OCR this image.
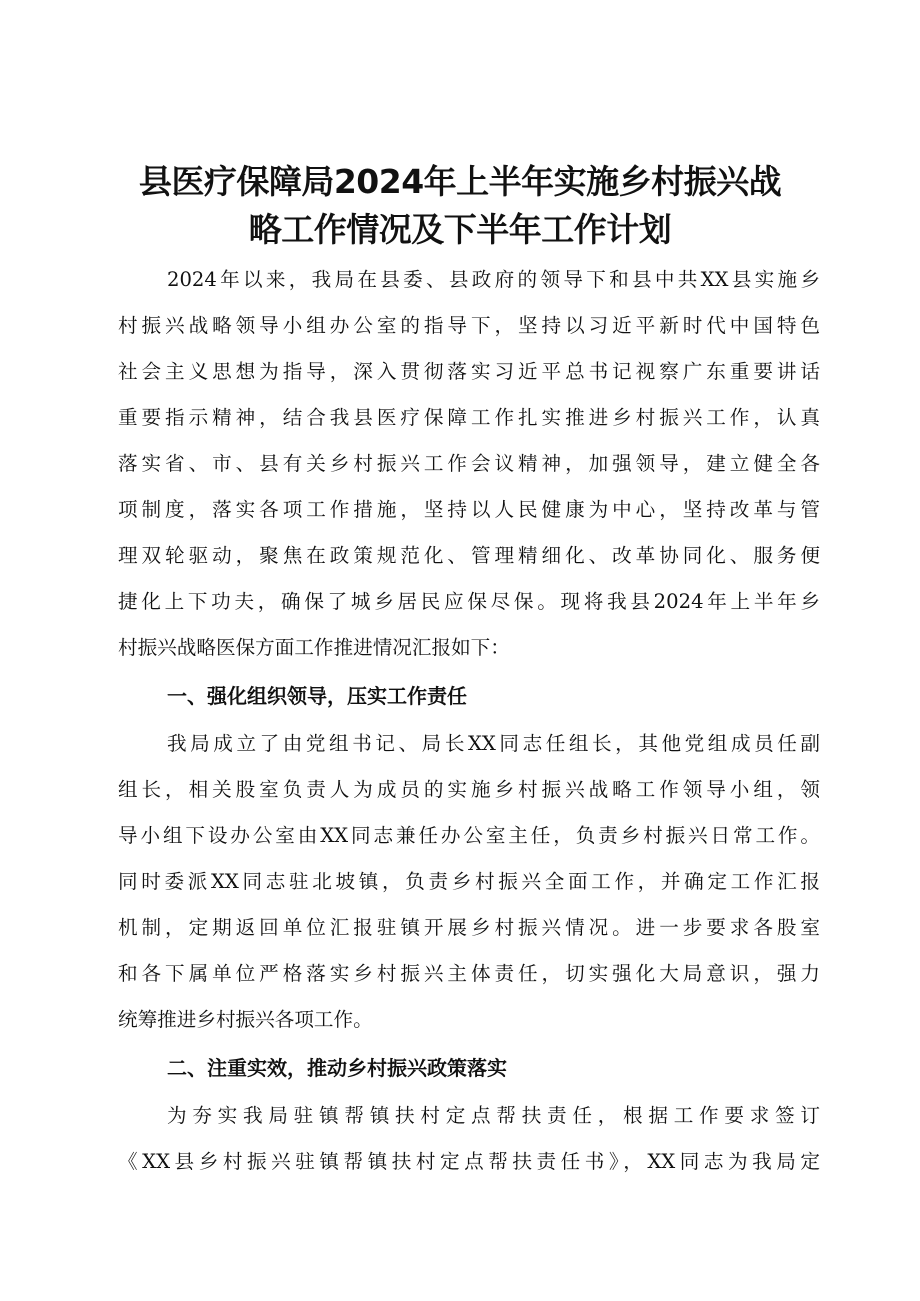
县医疗保障局2024年上半年实施乡村振兴战
略工作情况及下半年工作计划

2024年以来，我局在县委、县政府的领导下和县中共XX县实施乡

村振兴战略领导小组办公室的指导下，坚持以习近平新时代中国特色

社会主义思想为指导，深入贯彻落实习近平总书记视察广东重要讲话

重要指示精神，结合我县医疗保障工作扎实推进乡村振兴工作，认真

落实省、市、县有关乡村振兴工作会议精神，加强领导，建立健全各

项制度，落实各项工作措施，坚持以人民健康为中心，坚持改革与管

理双轮驱动，聚焦在政策规范化、管理精细化、改革协同化、服务便

捷化上下功夫，确保了城乡居民应保尽保。现将我县2024年上半年乡

村振兴战略医保方面工作推进情况汇报如下：

一、强化组织领导，压实工作责任

我局成立了由党组书记、局长XX同志任组长，其他党组成员任副

组长，相关股室负责人为成员的实施乡村振兴战略工作领导小组，领

导小组下设办公室由XX同志兼任办公室主任，负责乡村振兴日常工作。

同时委派XX同志驻北坡镇，负责乡村振兴全面工作，并确定工作汇报

机制，定期返回单位汇报驻镇开展乡村振兴情况。进一步要求各股室

和各下属单位严格落实乡村振兴主体责任，切实强化大局意识，强力

统筹推进乡村振兴各项工作。

二、注重实效，推动乡村振兴政策落实

为夯实我局驻镇帮镇扶村定点帮扶责任，根据工作要求签订

《XX县乡村振兴驻镇帮镇扶村定点帮扶责任书》，XX同志为我局定
